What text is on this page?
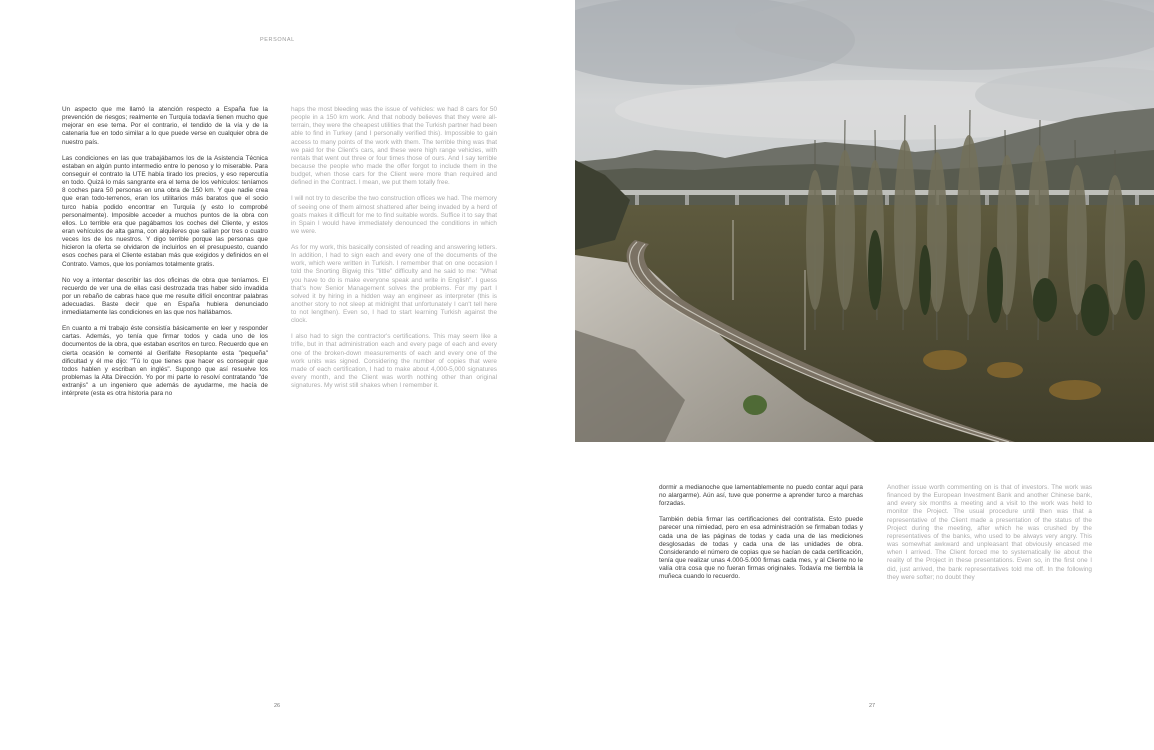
PERSONAL

Un aspecto que me llamó la atención respecto a España fue la prevención de riesgos; realmente en Turquía todavía tienen mucho que mejorar en ese tema. Por el contrario, el tendido de la vía y de la catenaria fue en todo similar a lo que puede verse en cualquier obra de nuestro país.

Las condiciones en las que trabajábamos los de la Asistencia Técnica estaban en algún punto intermedio entre lo penoso y lo miserable. Para conseguir el contrato la UTE había tirado los precios, y eso repercutía en todo. Quizá lo más sangrante era el tema de los vehículos: teníamos 8 coches para 50 personas en una obra de 150 km. Y que nadie crea que eran todo-terrenos, eran los utilitarios más baratos que el socio turco había podido encontrar en Turquía (y esto lo comprobé personalmente). Imposible acceder a muchos puntos de la obra con ellos. Lo terrible era que pagábamos los coches del Cliente, y estos eran vehículos de alta gama, con alquileres que salían por tres o cuatro veces los de los nuestros. Y digo terrible porque las personas que hicieron la oferta se olvidaron de incluirlos en el presupuesto, cuando esos coches para el Cliente estaban más que exigidos y definidos en el Contrato. Vamos, que los poníamos totalmente gratis.

No voy a intentar describir las dos oficinas de obra que teníamos. El recuerdo de ver una de ellas casi destrozada tras haber sido invadida por un rebaño de cabras hace que me resulte difícil encontrar palabras adecuadas. Baste decir que en España hubiera denunciado inmediatamente las condiciones en las que nos hallábamos.

En cuanto a mi trabajo éste consistía básicamente en leer y responder cartas. Además, yo tenía que firmar todos y cada uno de los documentos de la obra, que estaban escritos en turco. Recuerdo que en cierta ocasión le comenté al Gerifalte Resoplante esta "pequeña" dificultad y él me dijo: "Tú lo que tienes que hacer es conseguir que todos hablen y escriban en inglés". Supongo que así resuelve los problemas la Alta Dirección. Yo por mi parte lo resolví contratando "de extranjis" a un ingeniero que además de ayudarme, me hacía de intérprete (esta es otra historia para no

haps the most bleeding was the issue of vehicles: we had 8 cars for 50 people in a 150 km work. And that nobody believes that they were all-terrain, they were the cheapest utilities that the Turkish partner had been able to find in Turkey (and I personally verified this). Impossible to gain access to many points of the work with them. The terrible thing was that we paid for the Client's cars, and these were high range vehicles, with rentals that went out three or four times those of ours. And I say terrible because the people who made the offer forgot to include them in the budget, when those cars for the Client were more than required and defined in the Contract. I mean, we put them totally free.

I will not try to describe the two construction offices we had. The memory of seeing one of them almost shattered after being invaded by a herd of goats makes it difficult for me to find suitable words. Suffice it to say that in Spain I would have immediately denounced the conditions in which we were.

As for my work, this basically consisted of reading and answering letters. In addition, I had to sign each and every one of the documents of the work, which were written in Turkish. I remember that on one occasion I told the Snorting Bigwig this "little" difficulty and he said to me: "What you have to do is make everyone speak and write in English". I guess that's how Senior Management solves the problems. For my part I solved it by hiring in a hidden way an engineer as interpreter (this is another story to not sleep at midnight that unfortunately I can't tell here to not lengthen). Even so, I had to start learning Turkish against the clock.

I also had to sign the contractor's certifications. This may seem like a trifle, but in that administration each and every page of each and every one of the broken-down measurements of each and every one of the work units was signed. Considering the number of copies that were made of each certification, I had to make about 4,000-5,000 signatures every month, and the Client was worth nothing other than original signatures. My wrist still shakes when I remember it.

dormir a medianoche que lamentablemente no puedo contar aquí para no alargarme). Aún así, tuve que ponerme a aprender turco a marchas forzadas.

También debía firmar las certificaciones del contratista. Esto puede parecer una nimiedad, pero en esa administración se firmaban todas y cada una de las páginas de todas y cada una de las mediciones desglosadas de todas y cada una de las unidades de obra. Considerando el número de copias que se hacían de cada certificación, tenía que realizar unas 4.000-5.000 firmas cada mes, y al Cliente no le valía otra cosa que no fueran firmas originales. Todavía me tiembla la muñeca cuando lo recuerdo.

Another issue worth commenting on is that of investors. The work was financed by the European Investment Bank and another Chinese bank, and every six months a meeting and a visit to the work was held to monitor the Project. The usual procedure until then was that a representative of the Client made a presentation of the status of the Project during the meeting, after which he was crushed by the representatives of the banks, who used to be always very angry. This was somewhat awkward and unpleasant that obviously encased me when I arrived. The Client forced me to systematically lie about the reality of the Project in these presentations. Even so, in the first one I did, just arrived, the bank representatives told me off. In the following they were softer; no doubt they

26	27
